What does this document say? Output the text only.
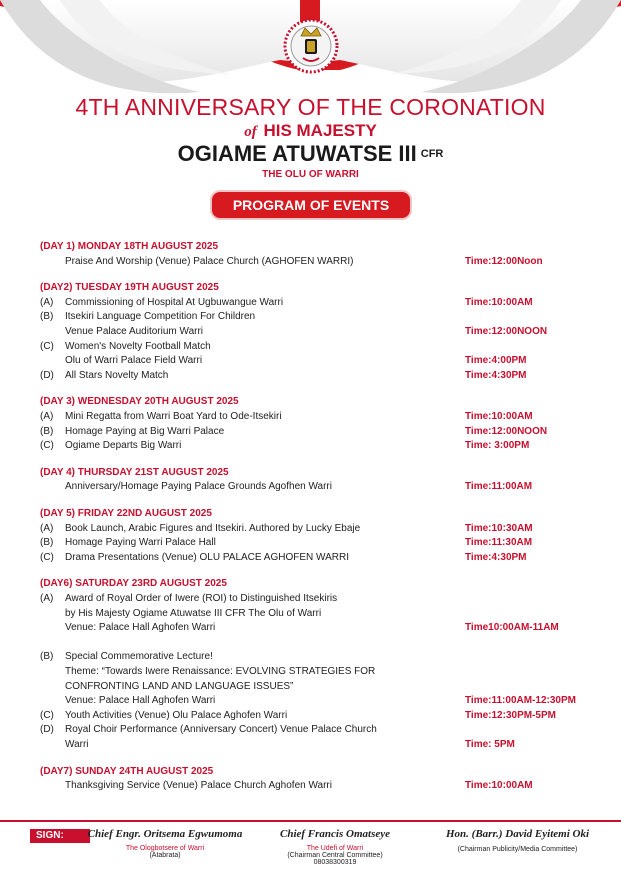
4TH ANNIVERSARY OF THE CORONATION
of HIS MAJESTY
OGIAME ATUWATSE III CFR
THE OLU OF WARRI
PROGRAM OF EVENTS
(DAY 1) MONDAY 18TH AUGUST 2025
Praise And Worship (Venue) Palace Church (AGHOFEN WARRI)	Time:12:00Noon
(DAY2) TUESDAY 19TH AUGUST 2025
(A) Commissioning of Hospital At Ugbuwangue Warri	Time:10:00AM
(B) Itsekiri Language Competition For Children
Venue Palace Auditorium Warri	Time:12:00NOON
(C) Women's Novelty Football Match
Olu of Warri Palace Field Warri	Time:4:00PM
(D) All Stars Novelty Match	Time:4:30PM
(DAY 3) WEDNESDAY 20TH AUGUST 2025
(A) Mini Regatta from Warri Boat Yard to Ode-Itsekiri	Time:10:00AM
(B) Homage Paying at Big Warri Palace	Time:12:00NOON
(C) Ogiame Departs Big Warri	Time: 3:00PM
(DAY 4) THURSDAY 21ST AUGUST 2025
Anniversary/Homage Paying Palace Grounds Agofhen Warri	Time:11:00AM
(DAY 5) FRIDAY 22ND AUGUST 2025
(A) Book Launch, Arabic Figures and Itsekiri. Authored by Lucky Ebaje	Time:10:30AM
(B) Homage Paying Warri Palace Hall	Time:11:30AM
(C) Drama Presentations (Venue) OLU PALACE AGHOFEN WARRI	Time:4:30PM
(DAY6) SATURDAY 23RD AUGUST 2025
(A) Award of Royal Order of Iwere (ROI) to Distinguished Itsekiris
by His Majesty Ogiame Atuwatse III CFR The Olu of Warri
Venue: Palace Hall Aghofen Warri	Time10:00AM-11AM
(B) Special Commemorative Lecture!
Theme: “Towards Iwere Renaissance: EVOLVING STRATEGIES FOR
CONFRONTING LAND AND LANGUAGE ISSUES”
Venue: Palace Hall Aghofen Warri	Time:11:00AM-12:30PM
(C) Youth Activities (Venue) Olu Palace Aghofen Warri	Time:12:30PM-5PM
(D) Royal Choir Performance (Anniversary Concert) Venue Palace Church
Warri	Time: 5PM
(DAY7) SUNDAY 24TH AUGUST 2025
Thanksgiving Service (Venue) Palace Church Aghofen Warri	Time:10:00AM
SIGN:	Chief Engr. Oritsema Egwumoma
The Ologbotsere of Warri
(Atabrata)
Chief Francis Omatseye
The Udefi of Warri
(Chairman Central Committee)
08038300319
Hon. (Barr.) David Eyitemi Oki
(Chairman Publicity/Media Committee)
